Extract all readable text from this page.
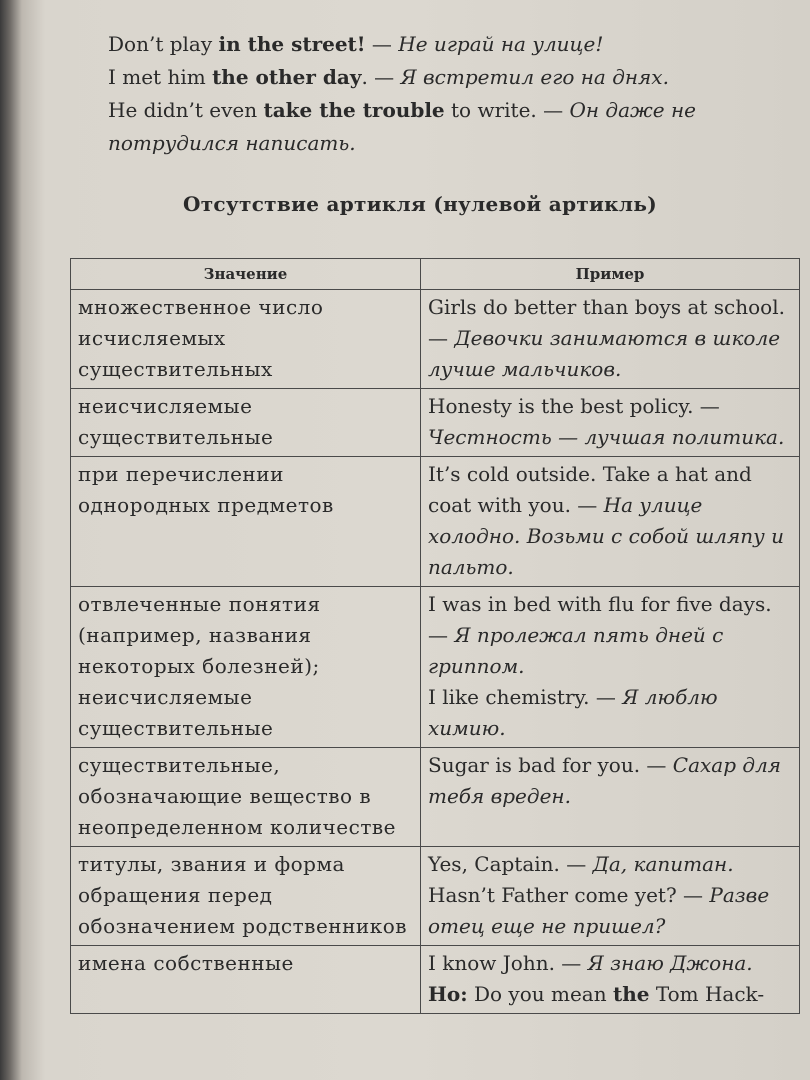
Don’t play in the street! — Не играй на улице!

I met him the other day. — Я встретил его на днях.

He didn’t even take the trouble to write. — Он даже не потрудился написать.

Отсутствие артикля (нулевой артикль)
Значение	Пример
множественное число исчисляемых существительных	Girls do better than boys at school. — Девочки занимаются в школе лучше мальчиков.
неисчисляемые существительные	Honesty is the best policy. — Честность — лучшая политика.
при перечислении однородных предметов	It’s cold outside. Take a hat and coat with you. — На улице холодно. Возьми с собой шляпу и пальто.
отвлеченные понятия (например, названия некоторых болезней); неисчисляемые существительные	I was in bed with flu for five days. — Я пролежал пять дней с гриппом.
I like chemistry. — Я люблю химию.
существительные, обозначающие вещество в неопределенном количестве	Sugar is bad for you. — Сахар для тебя вреден.
титулы, звания и форма обращения перед обозначением родственников	Yes, Captain. — Да, капитан.
Hasn’t Father come yet? — Разве отец еще не пришел?
имена собственные	I know John. — Я знаю Джона.
Но: Do you mean the Tom Hack-
